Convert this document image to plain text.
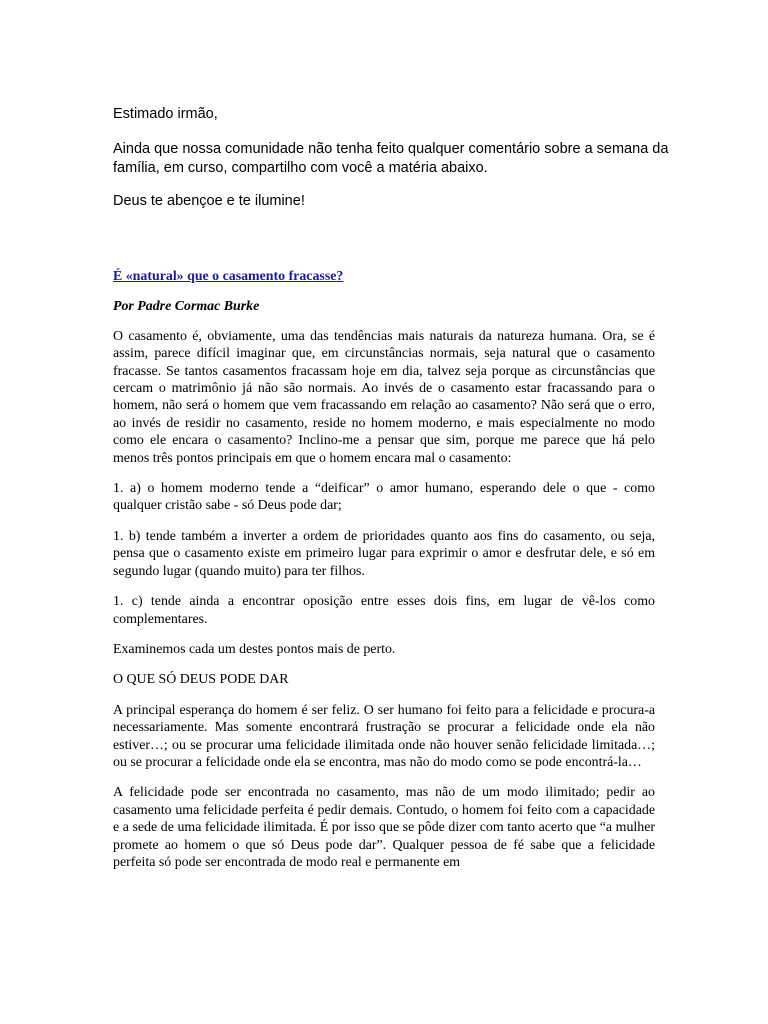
Estimado irmão,

Ainda que nossa comunidade não tenha feito qualquer comentário sobre a semana da família, em curso, compartilho com você a matéria abaixo.

Deus te abençoe e te ilumine!

É «natural» que o casamento fracasse?

Por Padre Cormac Burke

O casamento é, obviamente, uma das tendências mais naturais da natureza humana. Ora, se é assim, parece difícil imaginar que, em circunstâncias normais, seja natural que o casamento fracasse. Se tantos casamentos fracassam hoje em dia, talvez seja porque as circunstâncias que cercam o matrimônio já não são normais. Ao invés de o casamento estar fracassando para o homem, não será o homem que vem fracassando em relação ao casamento? Não será que o erro, ao invés de residir no casamento, reside no homem moderno, e mais especialmente no modo como ele encara o casamento? Inclino-me a pensar que sim, porque me parece que há pelo menos três pontos principais em que o homem encara mal o casamento:

1. a) o homem moderno tende a “deificar” o amor humano, esperando dele o que - como qualquer cristão sabe - só Deus pode dar;

1. b) tende também a inverter a ordem de prioridades quanto aos fins do casamento, ou seja, pensa que o casamento existe em primeiro lugar para exprimir o amor e desfrutar dele, e só em segundo lugar (quando muito) para ter filhos.

1. c) tende ainda a encontrar oposição entre esses dois fins, em lugar de vê-los como complementares.

Examinemos cada um destes pontos mais de perto.

O QUE SÓ DEUS PODE DAR

A principal esperança do homem é ser feliz. O ser humano foi feito para a felicidade e procura-a necessariamente. Mas somente encontrará frustração se procurar a felicidade onde ela não estiver…; ou se procurar uma felicidade ilimitada onde não houver senão felicidade limitada…; ou se procurar a felicidade onde ela se encontra, mas não do modo como se pode encontrá-la…

A felicidade pode ser encontrada no casamento, mas não de um modo ilimitado; pedir ao casamento uma felicidade perfeita é pedir demais. Contudo, o homem foi feito com a capacidade e a sede de uma felicidade ilimitada. É por isso que se pôde dizer com tanto acerto que “a mulher promete ao homem o que só Deus pode dar”. Qualquer pessoa de fé sabe que a felicidade perfeita só pode ser encontrada de modo real e permanente em
